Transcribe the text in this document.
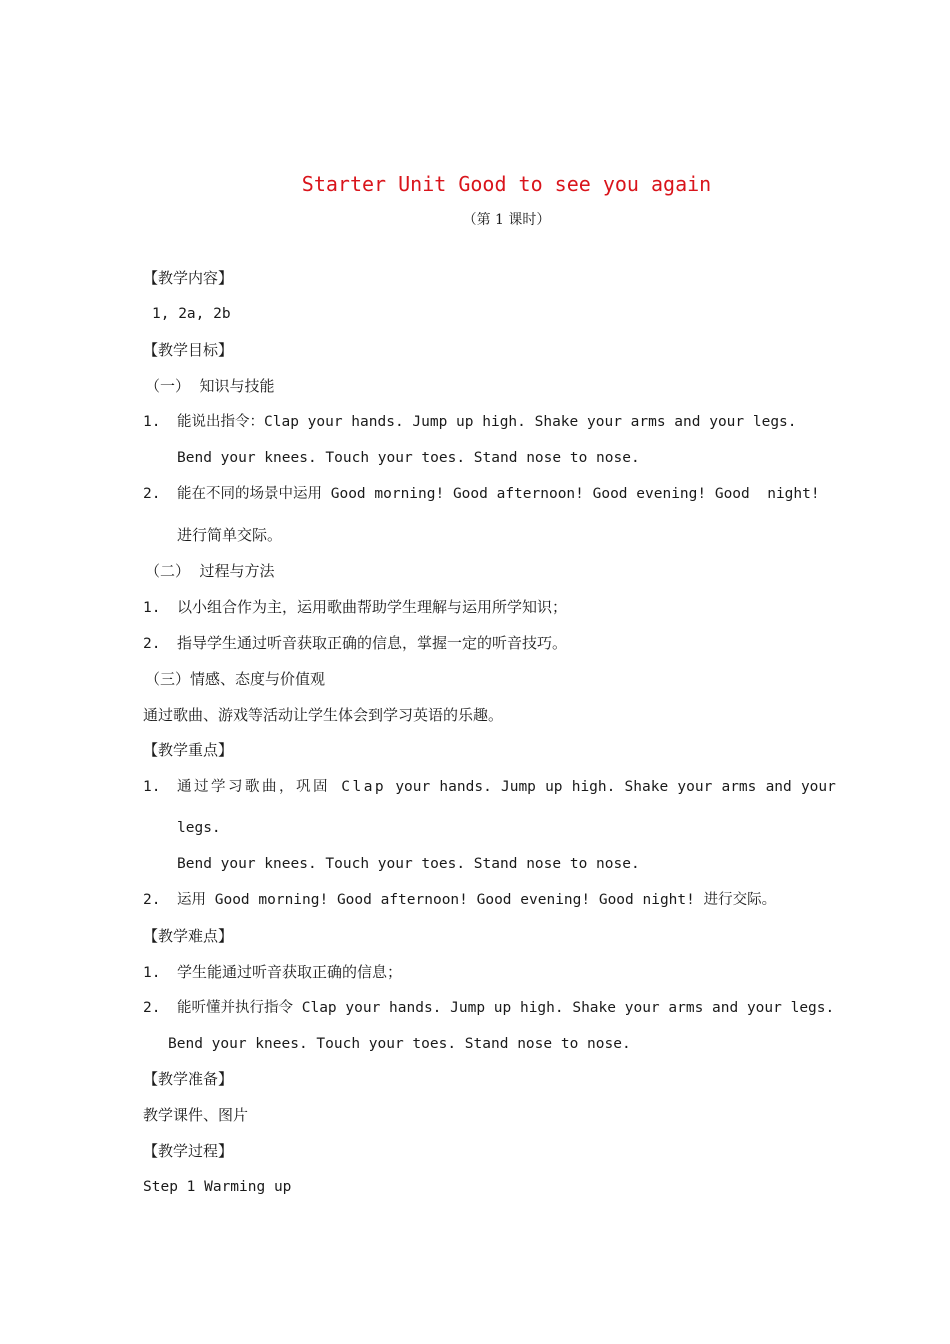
Starter Unit Good to see you again
（第 1 课时）
【教学内容】
1, 2a, 2b
【教学目标】
（一）  知识与技能
1. 能说出指令：Clap your hands. Jump up high. Shake your arms and your legs.
Bend your knees. Touch your toes. Stand nose to nose.
2. 能在不同的场景中运用 Good morning! Good afternoon! Good evening! Good  night!
进行简单交际。
（二）  过程与方法
1. 以小组合作为主，运用歌曲帮助学生理解与运用所学知识；
2. 指导学生通过听音获取正确的信息，掌握一定的听音技巧。
（三）情感、态度与价值观
通过歌曲、游戏等活动让学生体会到学习英语的乐趣。
【教学重点】
1.	通过学习歌曲，巩固 Clap your hands. Jump up high. Shake your arms and your
legs.
Bend your knees. Touch your toes. Stand nose to nose.
2. 运用 Good morning! Good afternoon! Good evening! Good night! 进行交际。
【教学难点】
1. 学生能通过听音获取正确的信息；
2. 能听懂并执行指令 Clap your hands. Jump up high. Shake your arms and your legs.
Bend your knees. Touch your toes. Stand nose to nose.
【教学准备】
教学课件、图片
【教学过程】
Step 1 Warming up
